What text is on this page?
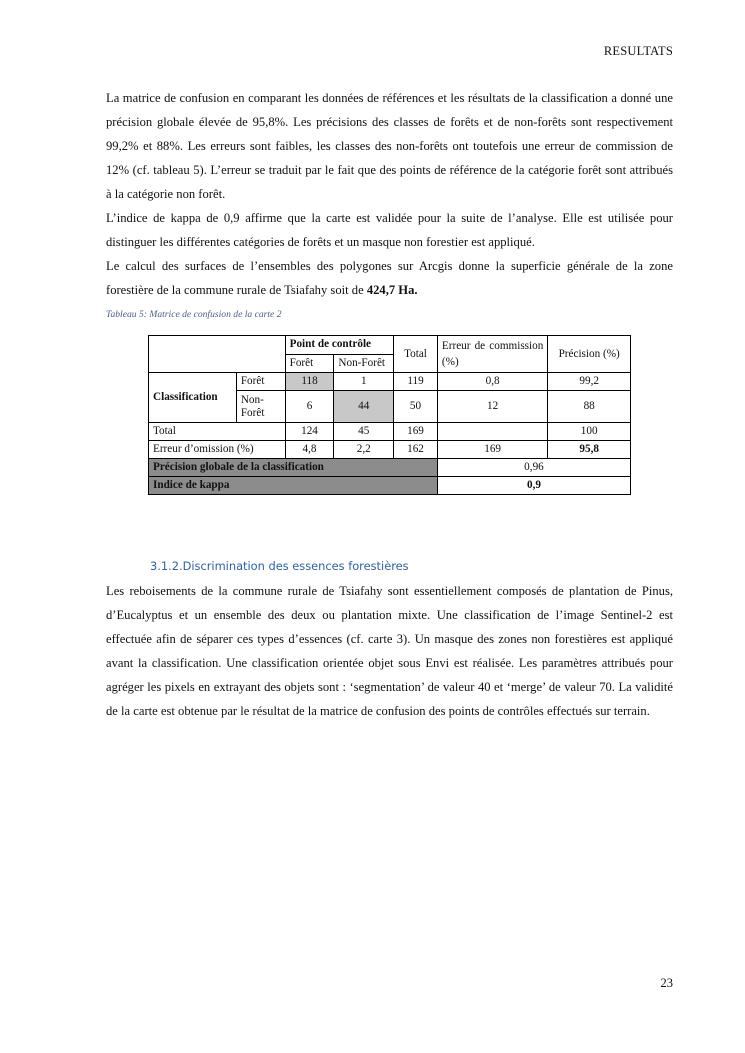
RESULTATS

La matrice de confusion en comparant les données de références et les résultats de la classification a donné une précision globale élevée de 95,8%. Les précisions des classes de forêts et de non-forêts sont respectivement 99,2% et 88%. Les erreurs sont faibles, les classes des non-forêts ont toutefois une erreur de commission de 12% (cf. tableau 5). L’erreur se traduit par le fait que des points de référence de la catégorie forêt sont attribués à la catégorie non forêt.

L’indice de kappa de 0,9 affirme que la carte est validée pour la suite de l’analyse. Elle est utilisée pour distinguer les différentes catégories de forêts et un masque non forestier est appliqué.

Le calcul des surfaces de l’ensembles des polygones sur Arcgis donne la superficie générale de la zone forestière de la commune rurale de Tsiafahy soit de 424,7 Ha.

Tableau 5: Matrice de confusion de la carte 2
		Point de contrôle		Total	Erreur de commission (%)	Précision (%)
		Forêt	Non-Forêt			
Classification	Forêt	118	1	119	0,8	99,2
	Non-Forêt	6	44	50	12	88
Total		124	45	169		100
Erreur d’omission (%)		4,8	2,2	162	169	95,8
Précision globale de la classification					0,96	
Indice de kappa					0,9	
3.1.2.Discrimination des essences forestières

Les reboisements de la commune rurale de Tsiafahy sont essentiellement composés de plantation de Pinus, d’Eucalyptus et un ensemble des deux ou plantation mixte. Une classification de l’image Sentinel-2 est effectuée afin de séparer ces types d’essences (cf. carte 3). Un masque des zones non forestières est appliqué avant la classification. Une classification orientée objet sous Envi est réalisée. Les paramètres attribués pour agréger les pixels en extrayant des objets sont : ‘segmentation’ de valeur 40 et ‘merge’ de valeur 70. La validité de la carte est obtenue par le résultat de la matrice de confusion des points de contrôles effectués sur terrain.

23
